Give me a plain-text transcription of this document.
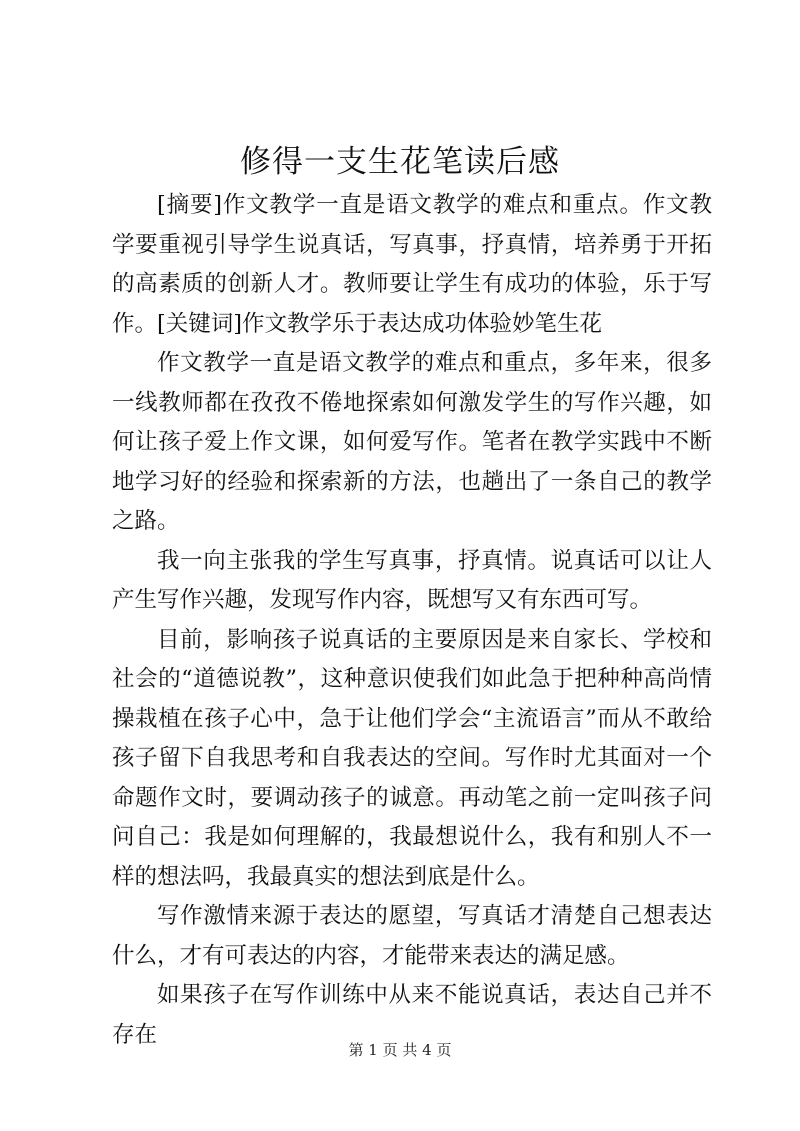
修得一支生花笔读后感

[摘要]作文教学一直是语文教学的难点和重点。作文教学要重视引导学生说真话，写真事，抒真情，培养勇于开拓的高素质的创新人才。教师要让学生有成功的体验，乐于写作。[关键词]作文教学乐于表达成功体验妙笔生花

作文教学一直是语文教学的难点和重点，多年来，很多一线教师都在孜孜不倦地探索如何激发学生的写作兴趣，如何让孩子爱上作文课，如何爱写作。笔者在教学实践中不断地学习好的经验和探索新的方法，也趟出了一条自己的教学之路。

我一向主张我的学生写真事，抒真情。说真话可以让人产生写作兴趣，发现写作内容，既想写又有东西可写。

目前，影响孩子说真话的主要原因是来自家长、学校和社会的“道德说教”，这种意识使我们如此急于把种种高尚情操栽植在孩子心中，急于让他们学会“主流语言”而从不敢给孩子留下自我思考和自我表达的空间。写作时尤其面对一个命题作文时，要调动孩子的诚意。再动笔之前一定叫孩子问问自己：我是如何理解的，我最想说什么，我有和别人不一样的想法吗，我最真实的想法到底是什么。

写作激情来源于表达的愿望，写真话才清楚自己想表达什么，才有可表达的内容，才能带来表达的满足感。

如果孩子在写作训练中从来不能说真话，表达自己并不存在

第 1 页 共 4 页
